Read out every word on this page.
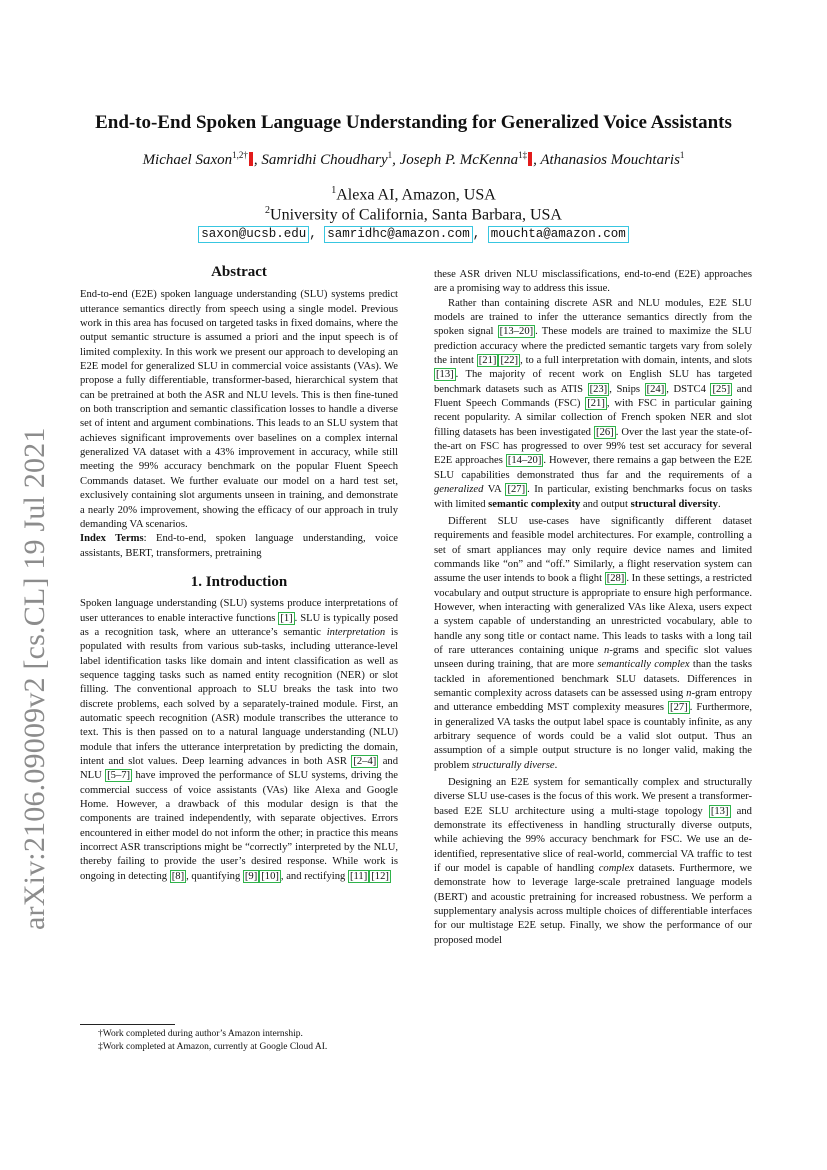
arXiv:2106.09009v2 [cs.CL] 19 Jul 2021
End-to-End Spoken Language Understanding for Generalized Voice Assistants
Michael Saxon$^{1,2\dagger}$ , Samridhi Choudhary$^1$, Joseph P. McKenna$^{1\ddagger}$ , Athanasios Mouchtaris$^1$
$^1$Alexa AI, Amazon, USA
$^2$University of California, Santa Barbara, USA
saxon@ucsb.edu , samridhc@amazon.com , mouchta@amazon.com

Abstract

End-to-end (E2E) spoken language understanding (SLU) systems predict utterance semantics directly from speech using a single model. Previous work in this area has focused on targeted tasks in fixed domains, where the output semantic structure is assumed a priori and the input speech is of limited complexity. In this work we present our approach to developing an E2E model for generalized SLU in commercial voice assistants (VAs). We propose a fully differentiable, transformer-based, hierarchical system that can be pretrained at both the ASR and NLU levels. This is then fine-tuned on both transcription and semantic classification losses to handle a diverse set of intent and argument combinations. This leads to an SLU system that achieves significant improvements over baselines on a complex internal generalized VA dataset with a 43% improvement in accuracy, while still meeting the 99% accuracy benchmark on the popular Fluent Speech Commands dataset. We further evaluate our model on a hard test set, exclusively containing slot arguments unseen in training, and demonstrate a nearly 20% improvement, showing the efficacy of our approach in truly demanding VA scenarios.

Index Terms: End-to-end, spoken language understanding, voice assistants, BERT, transformers, pretraining

1. Introduction

Spoken language understanding (SLU) systems produce interpretations of user utterances to enable interactive functions [1] . SLU is typically posed as a recognition task, where an utterance’s semantic interpretation is populated with results from various sub-tasks, including utterance-level label identification tasks like domain and intent classification as well as sequence tagging tasks such as named entity recognition (NER) or slot filling. The conventional approach to SLU breaks the task into two discrete problems, each solved by a separately-trained module. First, an automatic speech recognition (ASR) module transcribes the utterance to text. This is then passed on to a natural language understanding (NLU) module that infers the utterance interpretation by predicting the domain, intent and slot values. Deep learning advances in both ASR [2–4] and NLU [5–7] have improved the performance of SLU systems, driving the commercial success of voice assistants (VAs) like Alexa and Google Home. However, a drawback of this modular design is that the components are trained independently, with separate objectives. Errors encountered in either model do not inform the other; in practice this means incorrect ASR transcriptions might be “correctly” interpreted by the NLU, thereby failing to provide the user’s desired response. While work is ongoing in detecting [8] , quantifying [9] [10] , and rectifying [11] [12]

†Work completed during author’s Amazon internship.
‡Work completed at Amazon, currently at Google Cloud AI.

these ASR driven NLU misclassifications, end-to-end (E2E) approaches are a promising way to address this issue.

Rather than containing discrete ASR and NLU modules, E2E SLU models are trained to infer the utterance semantics directly from the spoken signal [13–20] . These models are trained to maximize the SLU prediction accuracy where the predicted semantic targets vary from solely the intent [21] [22] , to a full interpretation with domain, intents, and slots [13] . The majority of recent work on English SLU has targeted benchmark datasets such as ATIS [23] , Snips [24] , DSTC4 [25] and Fluent Speech Commands (FSC) [21] , with FSC in particular gaining recent popularity. A similar collection of French spoken NER and slot filling datasets has been investigated [26] . Over the last year the state-of-the-art on FSC has progressed to over 99% test set accuracy for several E2E approaches [14–20] . However, there remains a gap between the E2E SLU capabilities demonstrated thus far and the requirements of a generalized VA [27] . In particular, existing benchmarks focus on tasks with limited semantic complexity and output structural diversity.

Different SLU use-cases have significantly different dataset requirements and feasible model architectures. For example, controlling a set of smart appliances may only require device names and limited commands like “on” and “off.” Similarly, a flight reservation system can assume the user intends to book a flight [28] . In these settings, a restricted vocabulary and output structure is appropriate to ensure high performance. However, when interacting with generalized VAs like Alexa, users expect a system capable of understanding an unrestricted vocabulary, able to handle any song title or contact name. This leads to tasks with a long tail of rare utterances containing unique n-grams and specific slot values unseen during training, that are more semantically complex than the tasks tackled in aforementioned benchmark SLU datasets. Differences in semantic complexity across datasets can be assessed using n-gram entropy and utterance embedding MST complexity measures [27] . Furthermore, in generalized VA tasks the output label space is countably infinite, as any arbitrary sequence of words could be a valid slot output. Thus an assumption of a simple output structure is no longer valid, making the problem structurally diverse.

Designing an E2E system for semantically complex and structurally diverse SLU use-cases is the focus of this work. We present a transformer-based E2E SLU architecture using a multi-stage topology [13] and demonstrate its effectiveness in handling structurally diverse outputs, while achieving the 99% accuracy benchmark for FSC. We use an de-identified, representative slice of real-world, commercial VA traffic to test if our model is capable of handling complex datasets. Furthermore, we demonstrate how to leverage large-scale pretrained language models (BERT) and acoustic pretraining for increased robustness. We perform a supplementary analysis across multiple choices of differentiable interfaces for our multistage E2E setup. Finally, we show the performance of our proposed model
